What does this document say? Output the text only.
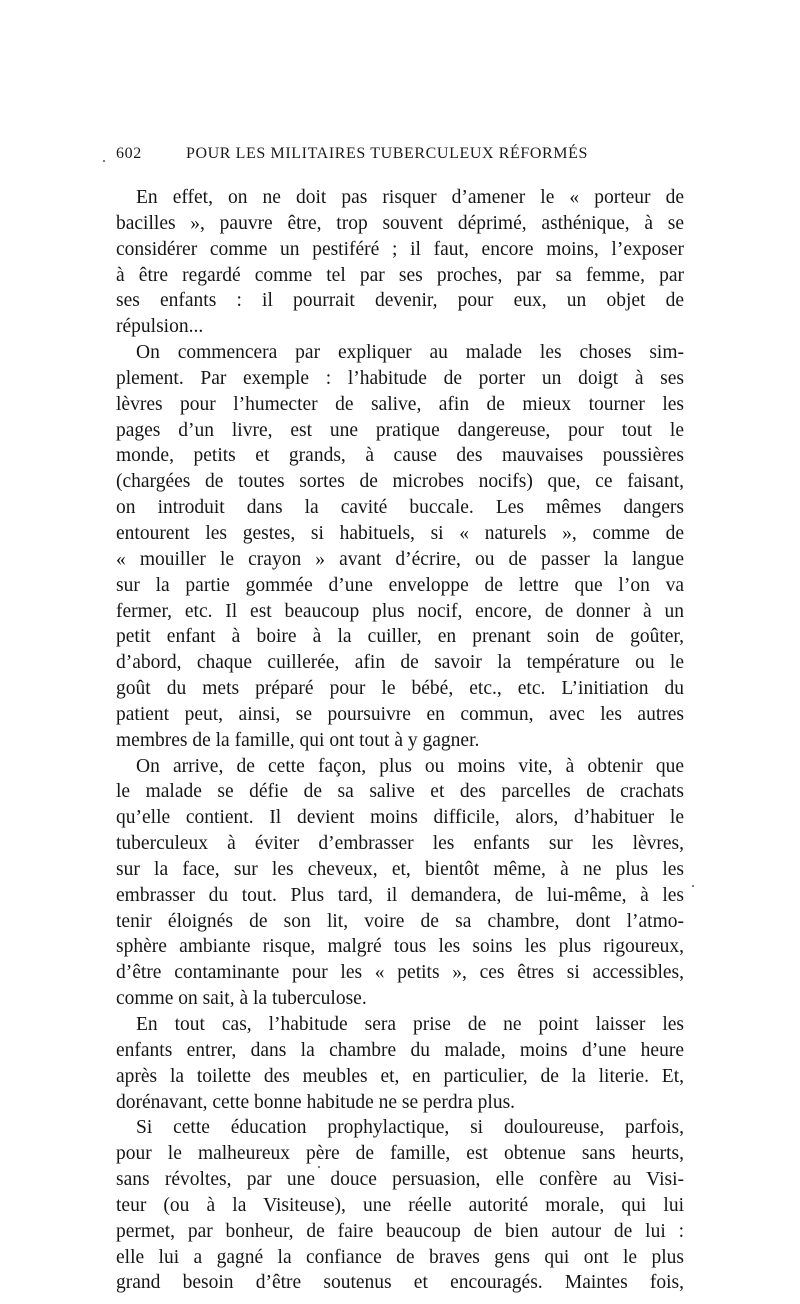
602	POUR LES MILITAIRES TUBERCULEUX RÉFORMÉS
En effet, on ne doit pas risquer d’amener le « porteur de
bacilles », pauvre être, trop souvent déprimé, asthénique, à se
considérer comme un pestiféré ; il faut, encore moins, l’exposer
à être regardé comme tel par ses proches, par sa femme, par
ses enfants : il pourrait devenir, pour eux, un objet de
répulsion...
On commencera par expliquer au malade les choses sim-
plement. Par exemple : l’habitude de porter un doigt à ses
lèvres pour l’humecter de salive, afin de mieux tourner les
pages d’un livre, est une pratique dangereuse, pour tout le
monde, petits et grands, à cause des mauvaises poussières
(chargées de toutes sortes de microbes nocifs) que, ce faisant,
on introduit dans la cavité buccale. Les mêmes dangers
entourent les gestes, si habituels, si « naturels », comme de
« mouiller le crayon » avant d’écrire, ou de passer la langue
sur la partie gommée d’une enveloppe de lettre que l’on va
fermer, etc. Il est beaucoup plus nocif, encore, de donner à un
petit enfant à boire à la cuiller, en prenant soin de goûter,
d’abord, chaque cuillerée, afin de savoir la température ou le
goût du mets préparé pour le bébé, etc., etc. L’initiation du
patient peut, ainsi, se poursuivre en commun, avec les autres
membres de la famille, qui ont tout à y gagner.
On arrive, de cette façon, plus ou moins vite, à obtenir que
le malade se défie de sa salive et des parcelles de crachats
qu’elle contient. Il devient moins difficile, alors, d’habituer le
tuberculeux à éviter d’embrasser les enfants sur les lèvres,
sur la face, sur les cheveux, et, bientôt même, à ne plus les
embrasser du tout. Plus tard, il demandera, de lui-même, à les
tenir éloignés de son lit, voire de sa chambre, dont l’atmo-
sphère ambiante risque, malgré tous les soins les plus rigoureux,
d’être contaminante pour les « petits », ces êtres si accessibles,
comme on sait, à la tuberculose.
En tout cas, l’habitude sera prise de ne point laisser les
enfants entrer, dans la chambre du malade, moins d’une heure
après la toilette des meubles et, en particulier, de la literie. Et,
dorénavant, cette bonne habitude ne se perdra plus.
Si cette éducation prophylactique, si douloureuse, parfois,
pour le malheureux père de famille, est obtenue sans heurts,
sans révoltes, par une douce persuasion, elle confère au Visi-
teur (ou à la Visiteuse), une réelle autorité morale, qui lui
permet, par bonheur, de faire beaucoup de bien autour de lui :
elle lui a gagné la confiance de braves gens qui ont le plus
grand besoin d’être soutenus et encouragés. Maintes fois,
